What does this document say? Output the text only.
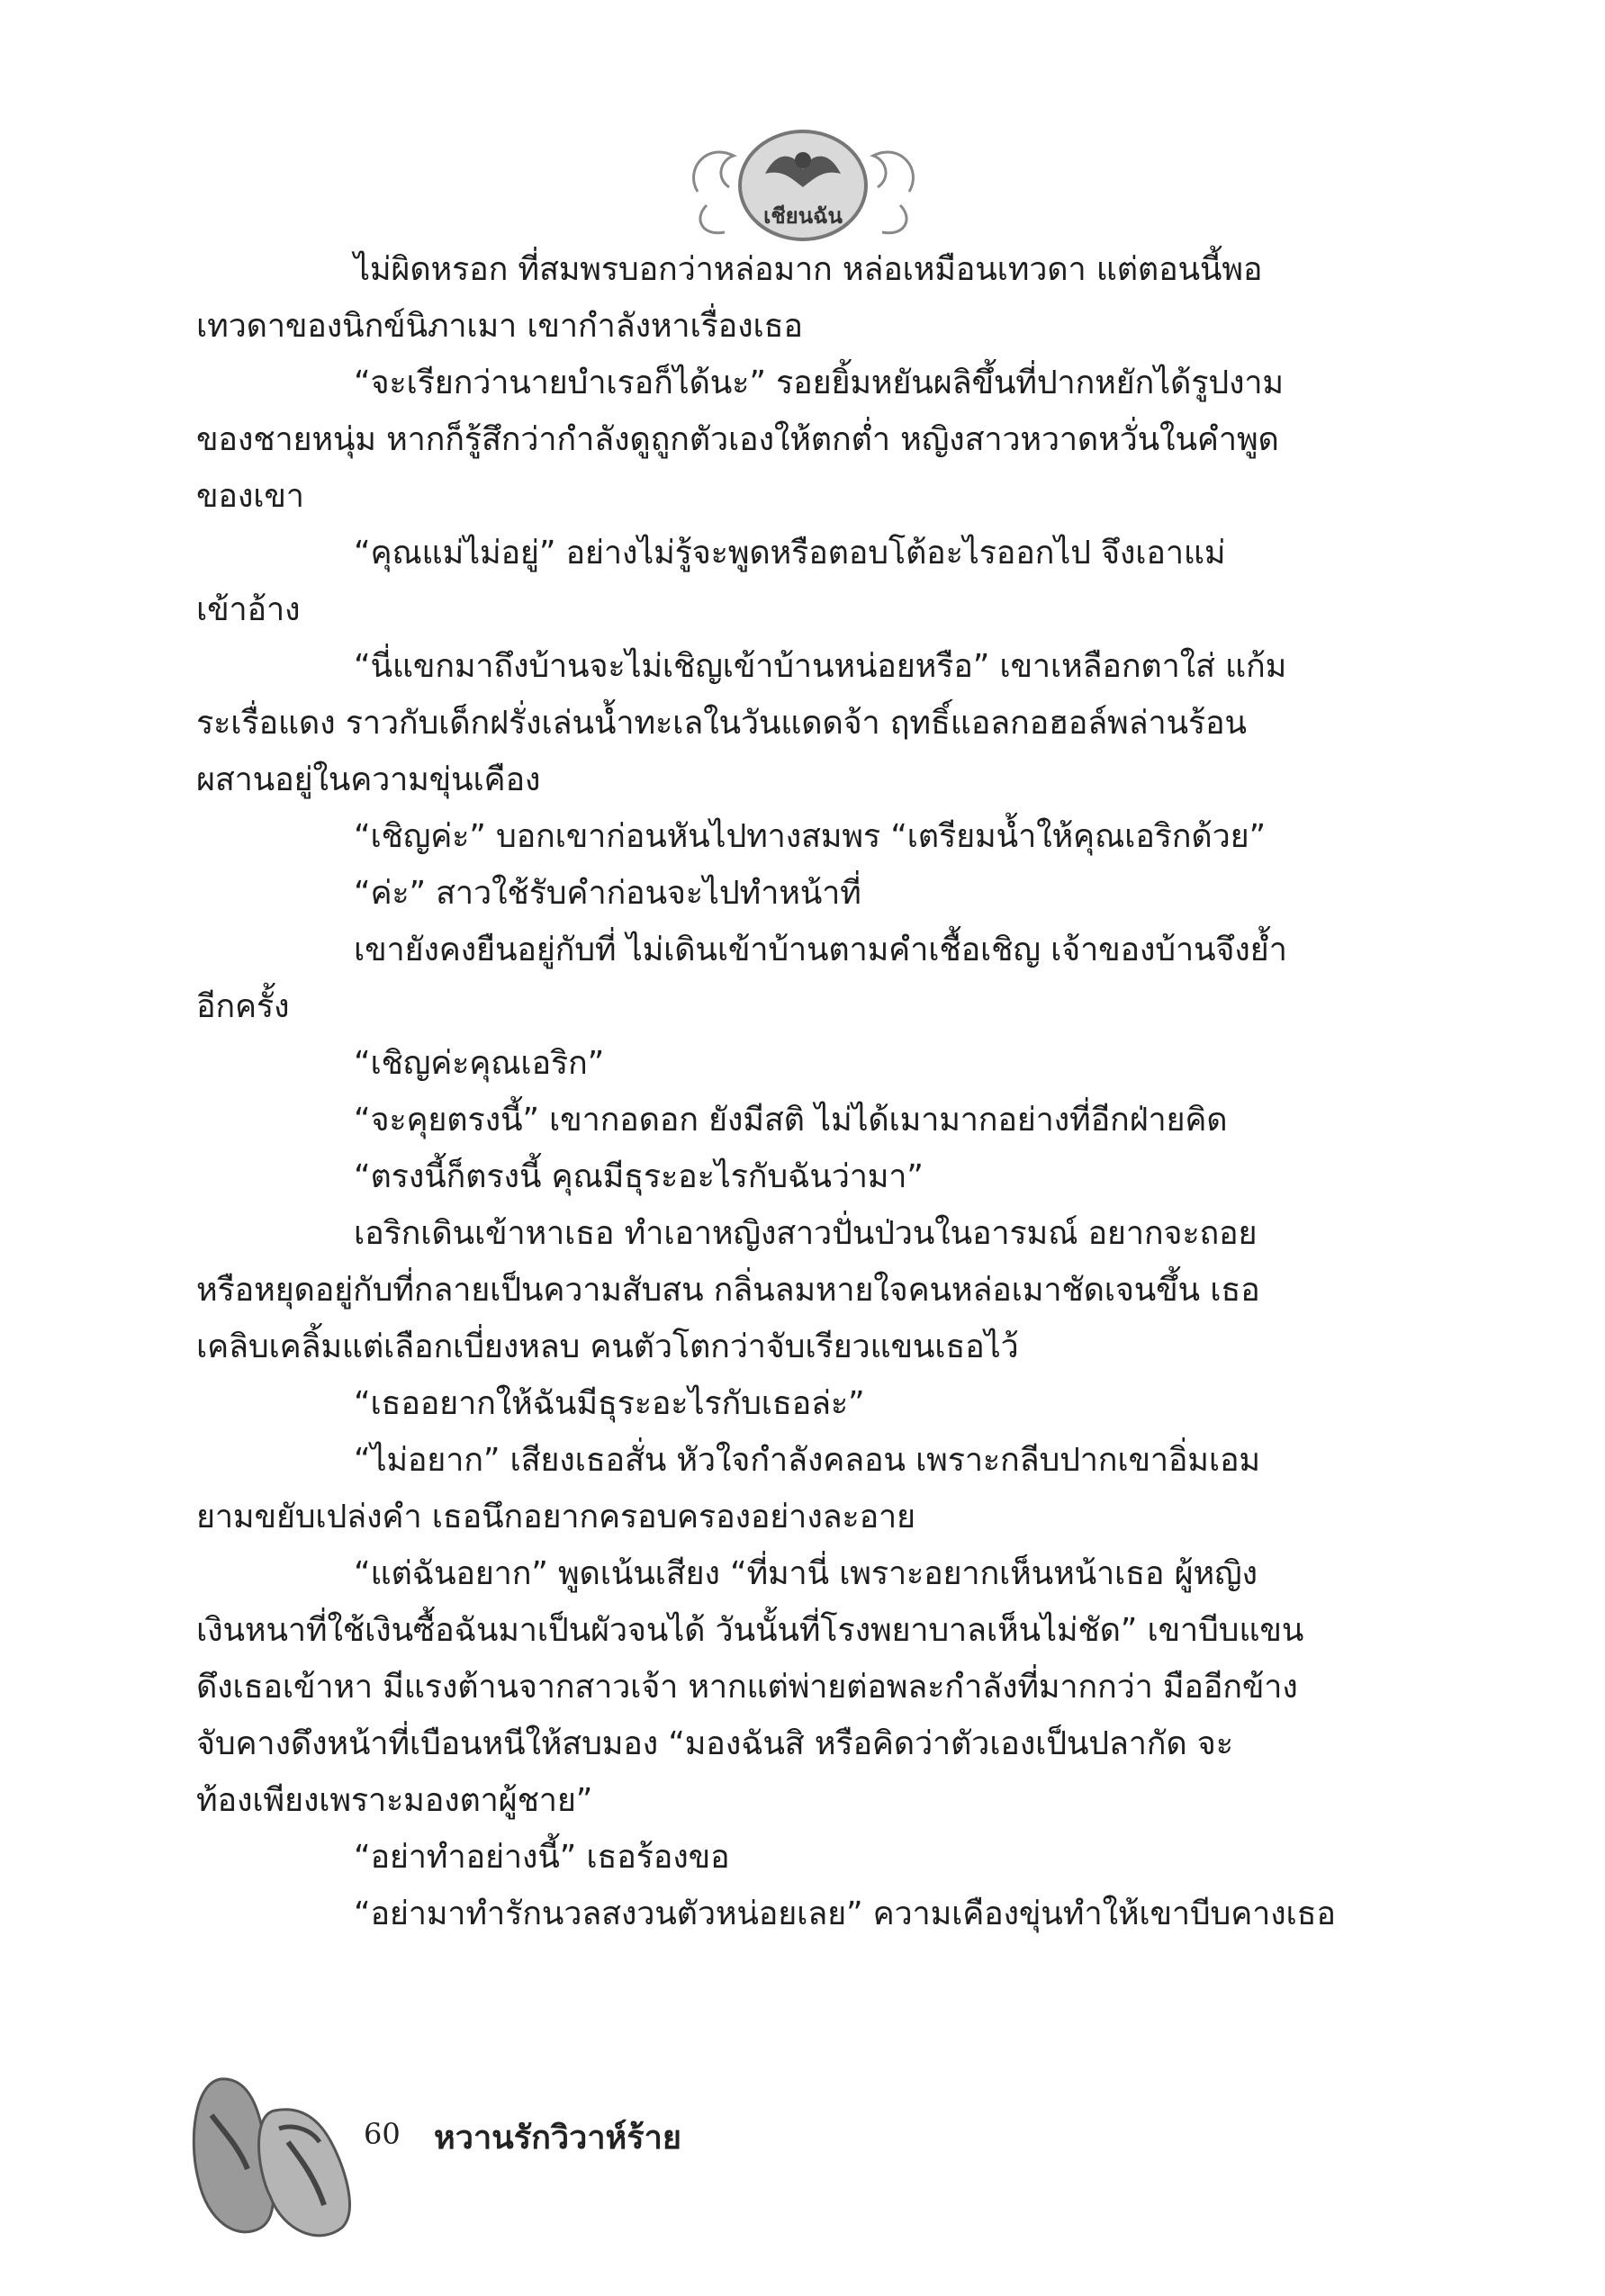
เชียนฉัน

ไม่ผิดหรอก ที่สมพรบอกว่าหล่อมาก หล่อเหมือนเทวดา แต่ตอนนี้พอ
เทวดาของนิกข์นิภาเมา เขากำลังหาเรื่องเธอ

“จะเรียกว่านายบำเรอก็ได้นะ” รอยยิ้มหยันผลิขึ้นที่ปากหยักได้รูปงาม
ของชายหนุ่ม หากก็รู้สึกว่ากำลังดูถูกตัวเองให้ตกต่ำ หญิงสาวหวาดหวั่นในคำพูด
ของเขา

“คุณแม่ไม่อยู่” อย่างไม่รู้จะพูดหรือตอบโต้อะไรออกไป จึงเอาแม่
เข้าอ้าง

“นี่แขกมาถึงบ้านจะไม่เชิญเข้าบ้านหน่อยหรือ” เขาเหลือกตาใส่ แก้ม
ระเรื่อแดง ราวกับเด็กฝรั่งเล่นน้ำทะเลในวันแดดจ้า ฤทธิ์แอลกอฮอล์พล่านร้อน
ผสานอยู่ในความขุ่นเคือง

“เชิญค่ะ” บอกเขาก่อนหันไปทางสมพร “เตรียมน้ำให้คุณเอริกด้วย”

“ค่ะ” สาวใช้รับคำก่อนจะไปทำหน้าที่

เขายังคงยืนอยู่กับที่ ไม่เดินเข้าบ้านตามคำเชื้อเชิญ เจ้าของบ้านจึงย้ำ
อีกครั้ง

“เชิญค่ะคุณเอริก”

“จะคุยตรงนี้” เขากอดอก ยังมีสติ ไม่ได้เมามากอย่างที่อีกฝ่ายคิด

“ตรงนี้ก็ตรงนี้ คุณมีธุระอะไรกับฉันว่ามา”

เอริกเดินเข้าหาเธอ ทำเอาหญิงสาวปั่นป่วนในอารมณ์ อยากจะถอย
หรือหยุดอยู่กับที่กลายเป็นความสับสน กลิ่นลมหายใจคนหล่อเมาชัดเจนขึ้น เธอ
เคลิบเคลิ้มแต่เลือกเบี่ยงหลบ คนตัวโตกว่าจับเรียวแขนเธอไว้

“เธออยากให้ฉันมีธุระอะไรกับเธอล่ะ”

“ไม่อยาก” เสียงเธอสั่น หัวใจกำลังคลอน เพราะกลีบปากเขาอิ่มเอม
ยามขยับเปล่งคำ เธอนึกอยากครอบครองอย่างละอาย

“แต่ฉันอยาก” พูดเน้นเสียง “ที่มานี่ เพราะอยากเห็นหน้าเธอ ผู้หญิง
เงินหนาที่ใช้เงินซื้อฉันมาเป็นผัวจนได้ วันนั้นที่โรงพยาบาลเห็นไม่ชัด” เขาบีบแขน
ดึงเธอเข้าหา มีแรงต้านจากสาวเจ้า หากแต่พ่ายต่อพละกำลังที่มากกว่า มืออีกข้าง
จับคางดึงหน้าที่เบือนหนีให้สบมอง “มองฉันสิ หรือคิดว่าตัวเองเป็นปลากัด จะ
ท้องเพียงเพราะมองตาผู้ชาย”

“อย่าทำอย่างนี้” เธอร้องขอ

“อย่ามาทำรักนวลสงวนตัวหน่อยเลย” ความเคืองขุ่นทำให้เขาบีบคางเธอ

60 หวานรักวิวาห์ร้าย
